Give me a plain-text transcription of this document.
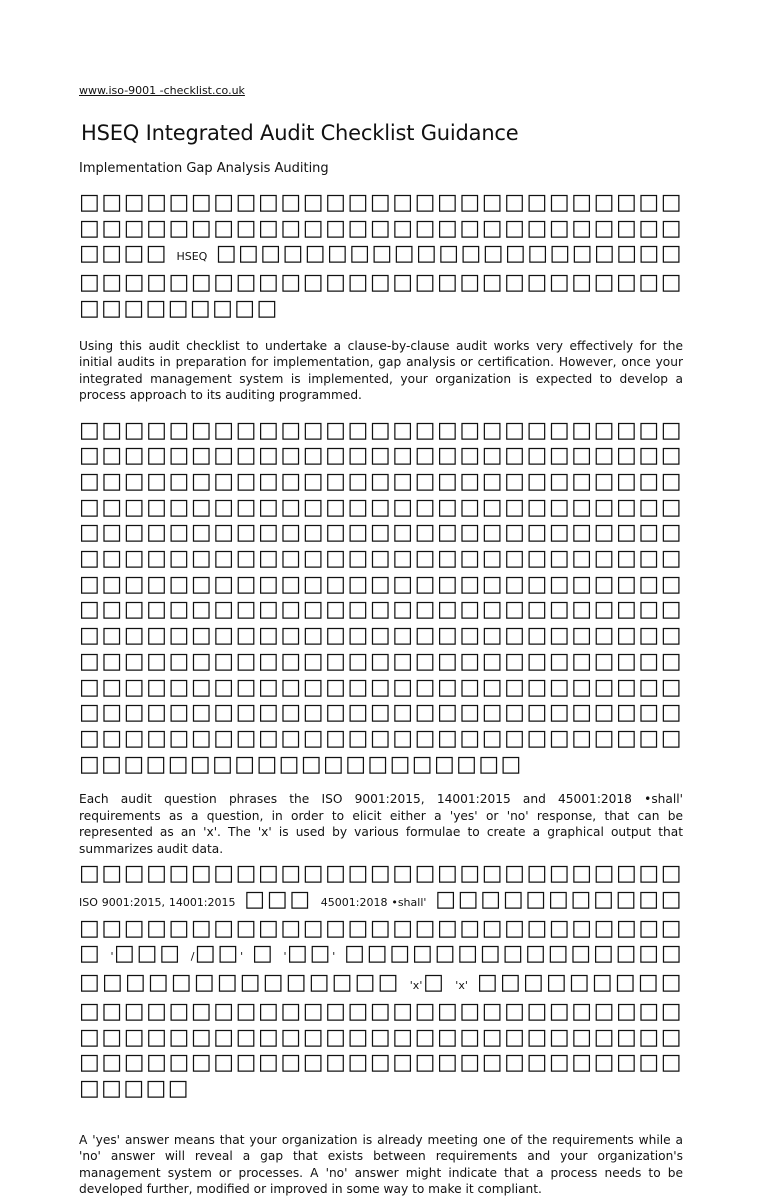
www.iso-9001 -checklist.co.uk
HSEQ Integrated Audit Checklist Guidance

Implementation Gap Analysis Auditing

□□□□□□□□□□□□□□□□□□□□□□□□□□□□□□□□□□□□□□□□□□□□□□□□□□□□□□□□□□ HSEQ □□□□□□□□□□□□□□□□□□□□□□□□□□□□□□□□□□□□□□□□□□□□□□□□□□□□□□□□□

Using this audit checklist to undertake a clause-by-clause audit works very effectively for the initial audits in preparation for implementation, gap analysis or certification. However, once your integrated management system is implemented, your organization is expected to develop a process approach to its auditing programmed.

□□□□□□□□□□□□□□□□□□□□□□□□□□□□□□□□□□□□□□□□□□□□□□□□□□□□□□□□□□□□□□□□□□□□□□□□□□□□□□□□□□□□□□□□□□□□□□□□□□□□□□□□□□□□□□□□□□□□□□□□□□□□□□□□□□□□□□□□□□□□□□□□□□□□□□□□□□□□□□□□□□□□□□□□□□□□□□□□□□□□□□□□□□□□□□□□□□□□□□□□□□□□□□□□□□□□□□□□□□□□□□□□□□□□□□□□□□□□□□□□□□□□□□□□□□□□□□□□□□□□□□□□□□□□□□□□□□□□□□□□□□□□□□□□□□□□□□□□□□□□□□□□□□□□□□□□□□□□□□□□□□□□□□□□□□□□□□□□□□□□□□□□□□□□□□□□□□□□□□□□□□□□□□□□□□□

Each audit question phrases the ISO 9001:2015, 14001:2015 and 45001:2018 •shall' requirements as a question, in order to elicit either a 'yes' or 'no' response, that can be represented as an 'x'. The 'x' is used by various formulae to create a graphical output that summarizes audit data.

□□□□□□□□□□□□□□□□□□□□□□□□□□□ ISO 9001:2015, 14001:2015 □□□ 45001:2018 •shall' □□□□□□□□□□□□□□□□□□□□□□□□□□□□□□□□□□□□□□□ '□□□ /□□' □ '□□' □□□□□□□□□□□□□□□□□□□□□□□□□□□□□ 'x'□ 'x' □□□□□□□□□□□□□□□□□□□□□□□□□□□□□□□□□□□□□□□□□□□□□□□□□□□□□□□□□□□□□□□□□□□□□□□□□□□□□□□□□□□□□□□□□□□□□□□

A 'yes' answer means that your organization is already meeting one of the requirements while a 'no' answer will reveal a gap that exists between requirements and your organization's management system or processes. A 'no' answer might indicate that a process needs to be developed further, modified or improved in some way to make it compliant.
